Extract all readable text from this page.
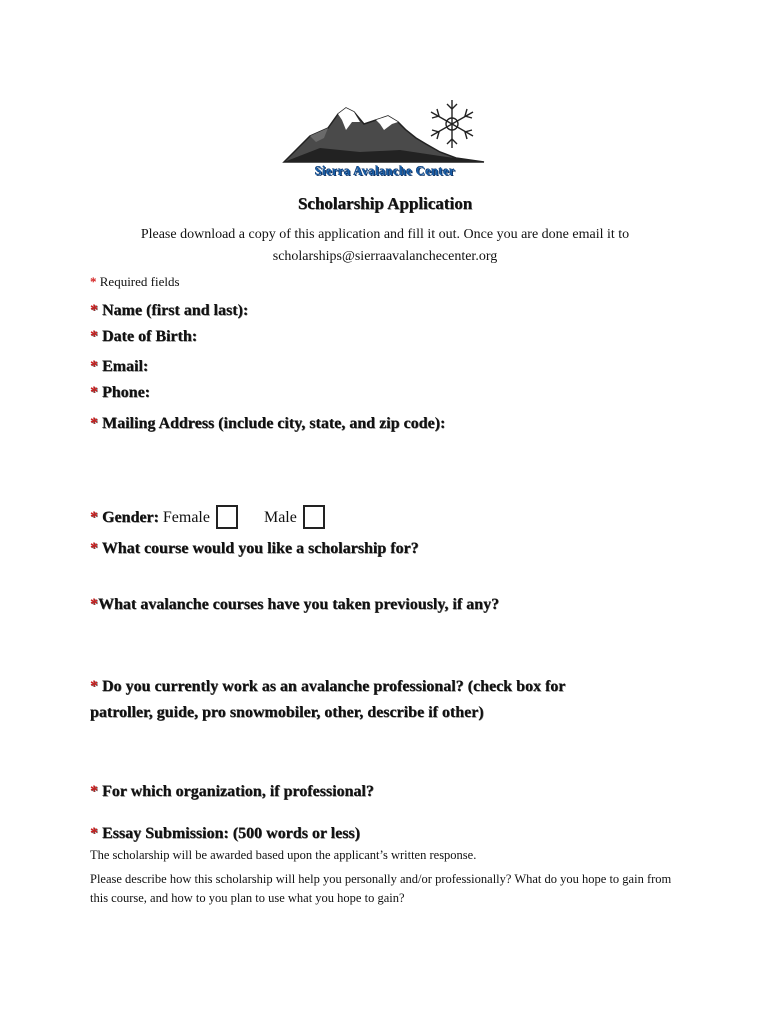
Sierra Avalanche Center
Scholarship Application
Please download a copy of this application and fill it out. Once you are done email it to scholarships@sierraavalanchecenter.org
* Required fields
* Name (first and last):
* Date of Birth:
* Email:
* Phone:
* Mailing Address (include city, state, and zip code):
* Gender: Female	Male
* What course would you like a scholarship for?
*What avalanche courses have you taken previously, if any?
* Do you currently work as an avalanche professional? (check box for patroller, guide, pro snowmobiler, other, describe if other)
* For which organization, if professional?
* Essay Submission: (500 words or less)
The scholarship will be awarded based upon the applicant’s written response.
Please describe how this scholarship will help you personally and/or professionally? What do you hope to gain from this course, and how to you plan to use what you hope to gain?
